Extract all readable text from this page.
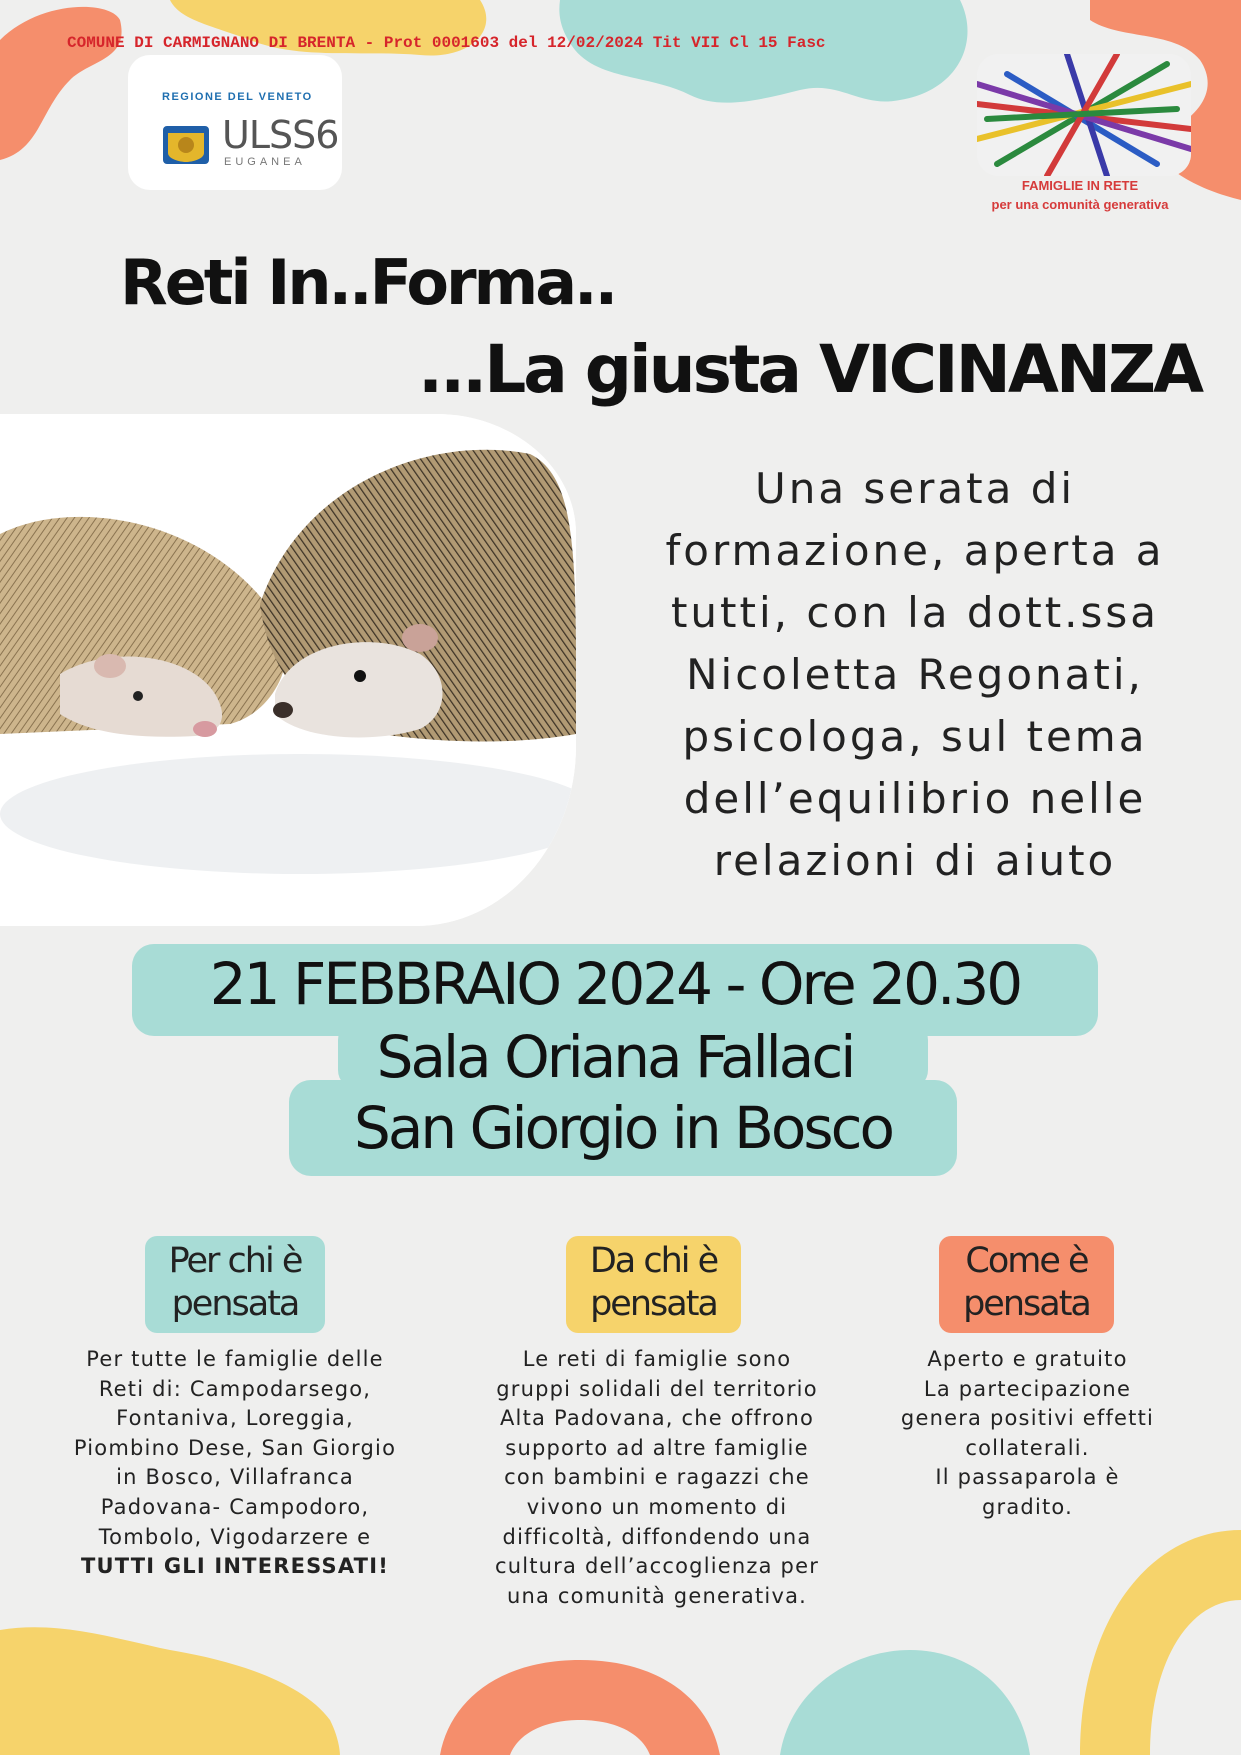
COMUNE DI CARMIGNANO DI BRENTA - Prot 0001603 del 12/02/2024 Tit VII Cl 15 Fasc
REGIONE DEL VENETO
ULSS6
EUGANEA
FAMIGLIE IN RETE
per una comunità generativa
Reti In..Forma..
...La giusta VICINANZA
Una serata di
formazione, aperta a
tutti, con la dott.ssa
Nicoletta Regonati,
psicologa, sul tema
dell’equilibrio nelle
relazioni di aiuto
21 FEBBRAIO 2024 - Ore 20.30
Sala Oriana Fallaci
San Giorgio in Bosco
Per chi è
pensata
Da chi è
pensata
Come è
pensata
Per tutte le famiglie delle
Reti di: Campodarsego,
Fontaniva, Loreggia,
Piombino Dese, San Giorgio
in Bosco, Villafranca
Padovana- Campodoro,
Tombolo, Vigodarzere e
TUTTI GLI INTERESSATI!
Le reti di famiglie sono
gruppi solidali del territorio
Alta Padovana, che offrono
supporto ad altre famiglie
con bambini e ragazzi che
vivono un momento di
difficoltà, diffondendo una
cultura dell’accoglienza per
una comunità generativa.
Aperto e gratuito
La partecipazione
genera positivi effetti
collaterali.
Il passaparola è
gradito.
